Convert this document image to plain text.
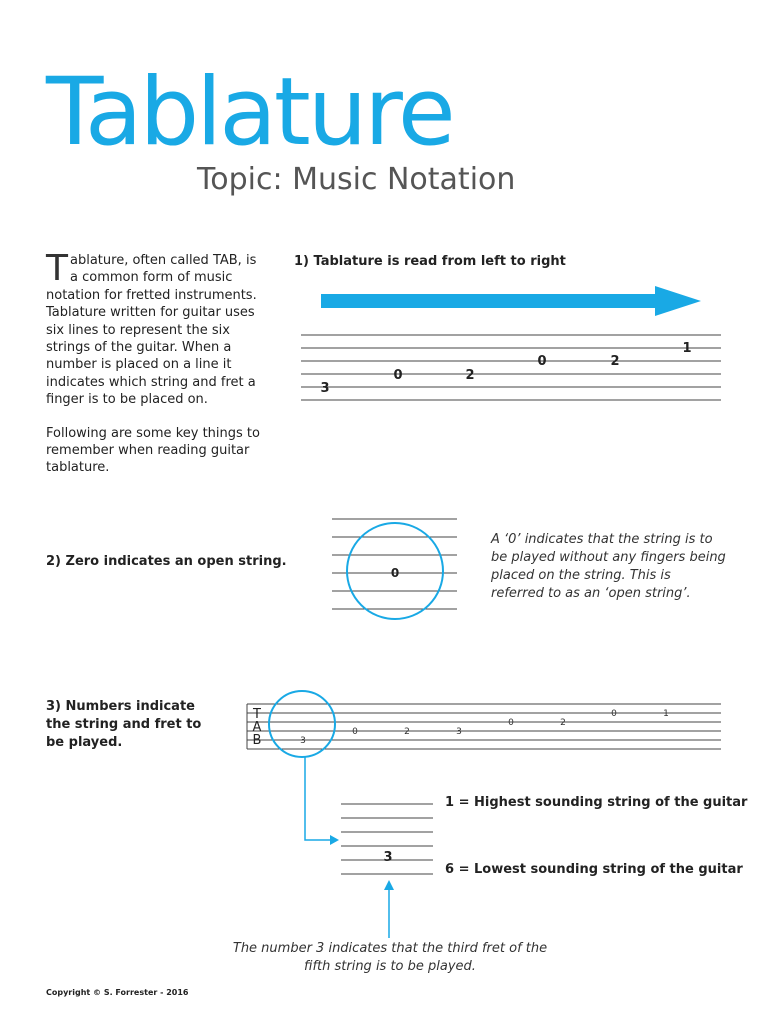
Tablature
Topic: Music Notation

Tablature, often called TAB, is a common form of music notation for fretted instruments. Tablature written for guitar uses six lines to represent the six strings of the guitar. When a number is placed on a line it indicates which string and fret a finger is to be placed on.

Following are some key things to remember when reading guitar tablature.

1) Tablature is read from left to right
2) Zero indicates an open string.
3) Numbers indicate the string and fret to be played.
A ‘0’ indicates that the string is to be played without any fingers being placed on the string. This is referred to as an ‘open string’.
The number 3 indicates that the third fret of the fifth string is to be played.
1 = Highest sounding string of the guitar
6 = Lowest sounding string of the guitar
Copyright © S. Forrester - 2016
3
0	2
0	2
1
0
T
A
B	3
0	2	3
0	2
0	1
3
